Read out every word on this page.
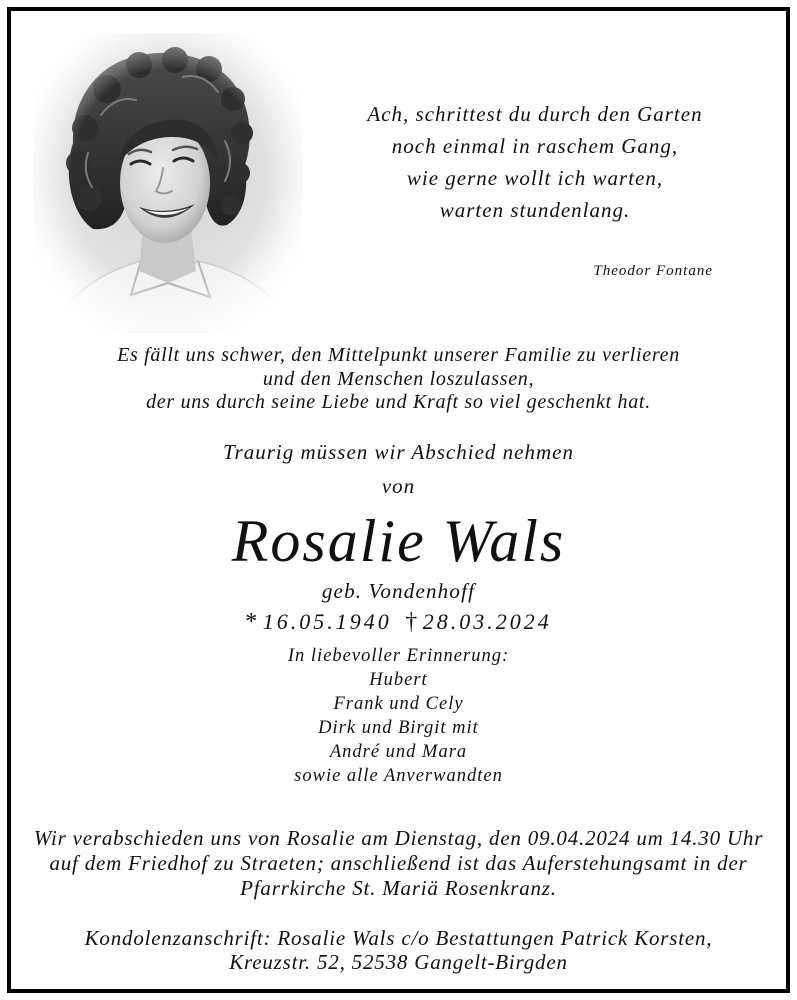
Ach, schrittest du durch den Garten
noch einmal in raschem Gang,
wie gerne wollt ich warten,
warten stundenlang.
Theodor Fontane
Es fällt uns schwer, den Mittelpunkt unserer Familie zu verlieren
und den Menschen loszulassen,
der uns durch seine Liebe und Kraft so viel geschenkt hat.
Traurig müssen wir Abschied nehmen
von
Rosalie Wals
geb. Vondenhoff
* 16.05.1940 † 28.03.2024
In liebevoller Erinnerung:
Hubert
Frank und Cely
Dirk und Birgit mit
André und Mara
sowie alle Anverwandten
Wir verabschieden uns von Rosalie am Dienstag, den 09.04.2024 um 14.30 Uhr
auf dem Friedhof zu Straeten; anschließend ist das Auferstehungsamt in der
Pfarrkirche St. Mariä Rosenkranz.
Kondolenzanschrift: Rosalie Wals c/o Bestattungen Patrick Korsten,
Kreuzstr. 52, 52538 Gangelt-Birgden
